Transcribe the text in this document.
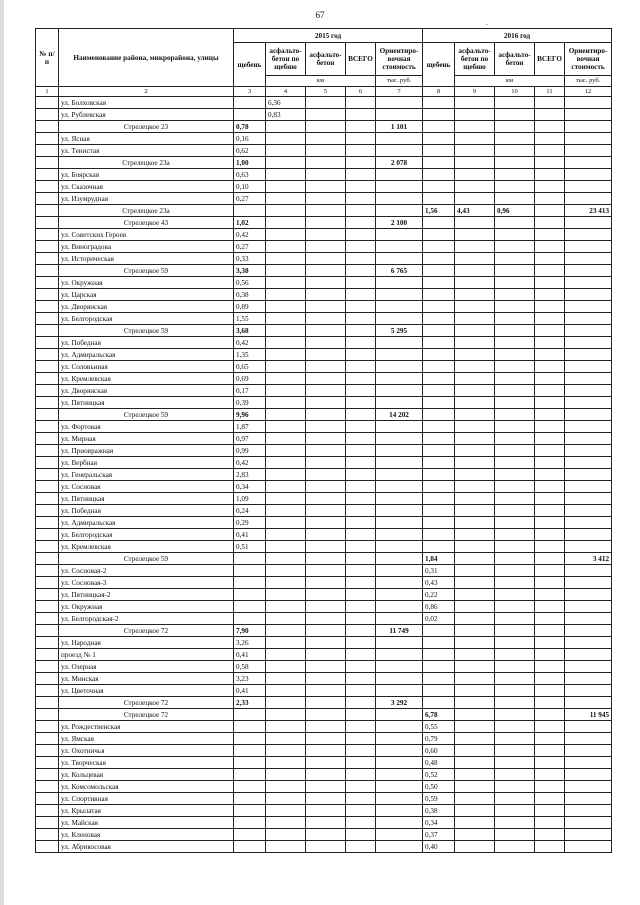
67
.
№ п/п	Наименование района, микрорайона, улицы	2015 год					2016 год				
		щебень	асфальто-бетон по щебню	асфальто-бетон	ВСЕГО	Ориентиро-вочная стоимость	щебень	асфальто-бетон по щебню	асфальто-бетон	ВСЕГО	Ориентиро-вочная стоимость
			км			тыс. руб.		км			тыс. руб.
1	2	3	4	5	6	7	8	9	10	11	12
	ул. Болховская		6,36								
	ул. Рублевская		0,83								
	Стрелецкое 23	0,78				1 101					
	ул. Ясная	0,16									
	ул. Тенистая	0,62									
	Стрелецкое 23а	1,00				2 078					
	ул. Боярская	0,63									
	ул. Сказочная	0,10									
	ул. Изумрудная	0,27									
	Стрелецкое 23а						1,56	4,43	0,96		23 413
	Стрелецкое 43	1,02				2 100					
	ул. Советских Героев	0,42									
	ул. Виноградова	0,27									
	ул. Историческая	0,33									
	Стрелецкое 59	3,38				6 765					
	ул. Окружная	0,56									
	ул. Царская	0,38									
	ул. Дворянская	0,89									
	ул. Белгородская	1,55									
	Стрелецкое 59	3,68				5 295					
	ул. Победная	0,42									
	ул. Адмиральская	1,35									
	ул. Соловьиная	0,65									
	ул. Кремлевская	0,69									
	ул. Дворянская	0,17									
	ул. Пятницкая	0,39									
	Стрелецкое 59	9,96				14 202					
	ул. Фортовая	1,87									
	ул. Мирная	0,97									
	ул. Приовражная	0,99									
	ул. Вербная	0,42									
	ул. Генеральская	2,83									
	ул. Сосновая	0,34									
	ул. Пятницкая	1,09									
	ул. Победная	0,24									
	ул. Адмиральская	0,29									
	ул. Белгородская	0,41									
	ул. Кремлевская	0,51									
	Стрелецкое 59						1,84				3 412
	ул. Сосновая-2						0,31				
	ул. Сосновая-3						0,43				
	ул. Пятницкая-2						0,22				
	ул. Окружная						0,86				
	ул. Белгородская-2						0,02				
	Стрелецкое 72	7,90				11 749					
	ул. Народная	3,26									
	проезд № 1	0,41									
	ул. Озерная	0,58									
	ул. Минская	3,23									
	ул. Цветочная	0,41									
	Стрелецкое 72	2,33				3 292					
	Стрелецкое 72						6,78				11 945
	ул. Рождественская						0,55				
	ул. Ямская						0,79				
	ул. Охотничья						0,60				
	ул. Творческая						0,48				
	ул. Кольцевая						0,52				
	ул. Комсомольская						0,50				
	ул. Спортивная						0,59				
	ул. Крылатая						0,38				
	ул. Майская						0,34				
	ул. Кленовая						0,37				
	ул. Абрикосовая						0,40				
